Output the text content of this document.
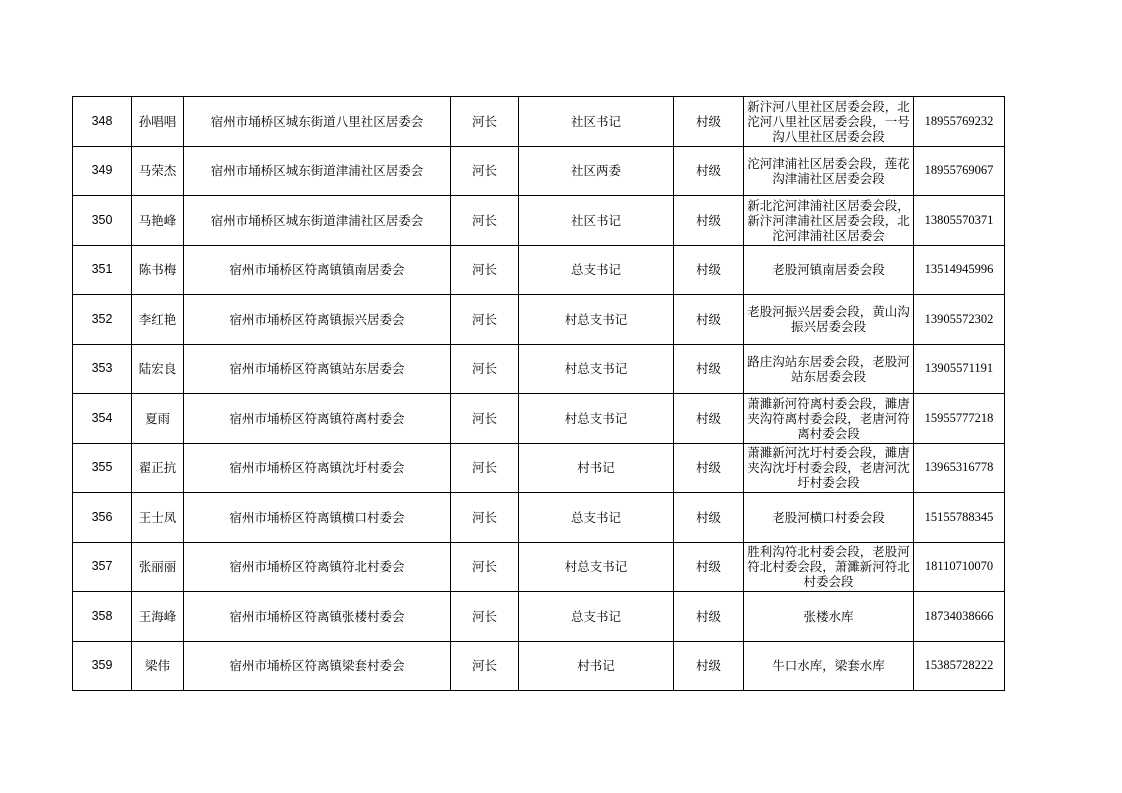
348	孙唱唱	宿州市埇桥区城东街道八里社区居委会	河长	社区书记	村级	新汴河八里社区居委会段，北沱河八里社区居委会段，一号沟八里社区居委会段	18955769232
349	马荣杰	宿州市埇桥区城东街道津浦社区居委会	河长	社区两委	村级	沱河津浦社区居委会段，莲花沟津浦社区居委会段	18955769067
350	马艳峰	宿州市埇桥区城东街道津浦社区居委会	河长	社区书记	村级	新北沱河津浦社区居委会段，新汴河津浦社区居委会段，北沱河津浦社区居委会	13805570371
351	陈书梅	宿州市埇桥区符离镇镇南居委会	河长	总支书记	村级	老股河镇南居委会段	13514945996
352	李红艳	宿州市埇桥区符离镇振兴居委会	河长	村总支书记	村级	老股河振兴居委会段，黄山沟振兴居委会段	13905572302
353	陆宏良	宿州市埇桥区符离镇站东居委会	河长	村总支书记	村级	路庄沟站东居委会段，老股河站东居委会段	13905571191
354	夏雨	宿州市埇桥区符离镇符离村委会	河长	村总支书记	村级	萧濉新河符离村委会段，濉唐夹沟符离村委会段，老唐河符离村委会段	15955777218
355	翟正抗	宿州市埇桥区符离镇沈圩村委会	河长	村书记	村级	萧濉新河沈圩村委会段，濉唐夹沟沈圩村委会段，老唐河沈圩村委会段	13965316778
356	王士凤	宿州市埇桥区符离镇横口村委会	河长	总支书记	村级	老股河横口村委会段	15155788345
357	张丽丽	宿州市埇桥区符离镇符北村委会	河长	村总支书记	村级	胜利沟符北村委会段，老股河符北村委会段，萧濉新河符北村委会段	18110710070
358	王海峰	宿州市埇桥区符离镇张楼村委会	河长	总支书记	村级	张楼水库	18734038666
359	梁伟	宿州市埇桥区符离镇梁套村委会	河长	村书记	村级	牛口水库，梁套水库	15385728222
